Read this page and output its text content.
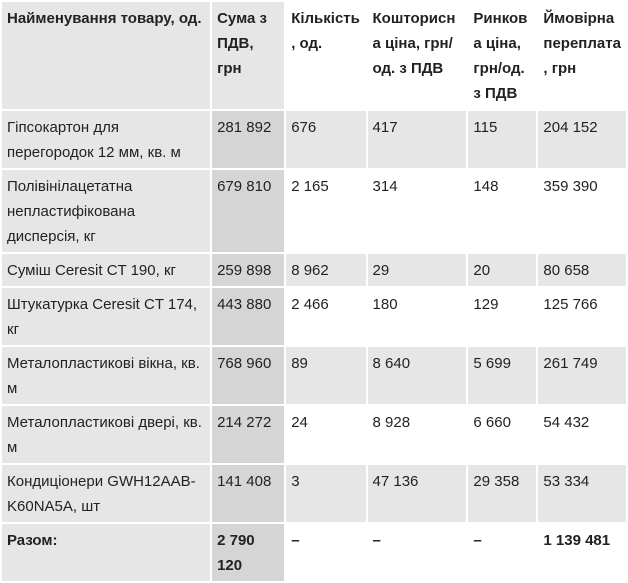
Найменування товару, од.	Сума з ПДВ, грн	Кількість, од.	Кошторисна ціна, грн/ од. з ПДВ	Ринкова ціна, грн/од. з ПДВ	Ймовірна переплата, грн
Гіпсокартон для перегородок 12 мм, кв. м	281 892	676	417	115	204 152
Полівінілацетатна непластифікована дисперсія, кг	679 810	2 165	314	148	359 390
Суміш Ceresit CT 190, кг	259 898	8 962	29	20	80 658
Штукатурка Ceresit CT 174, кг	443 880	2 466	180	129	125 766
Металопластикові вікна, кв. м	768 960	89	8 640	5 699	261 749
Металопластикові двері, кв. м	214 272	24	8 928	6 660	54 432
Кондиціонери GWH12AAB-K60NA5A, шт	141 408	3	47 136	29 358	53 334
Разом:	2 790 120	–	–	–	1 139 481
